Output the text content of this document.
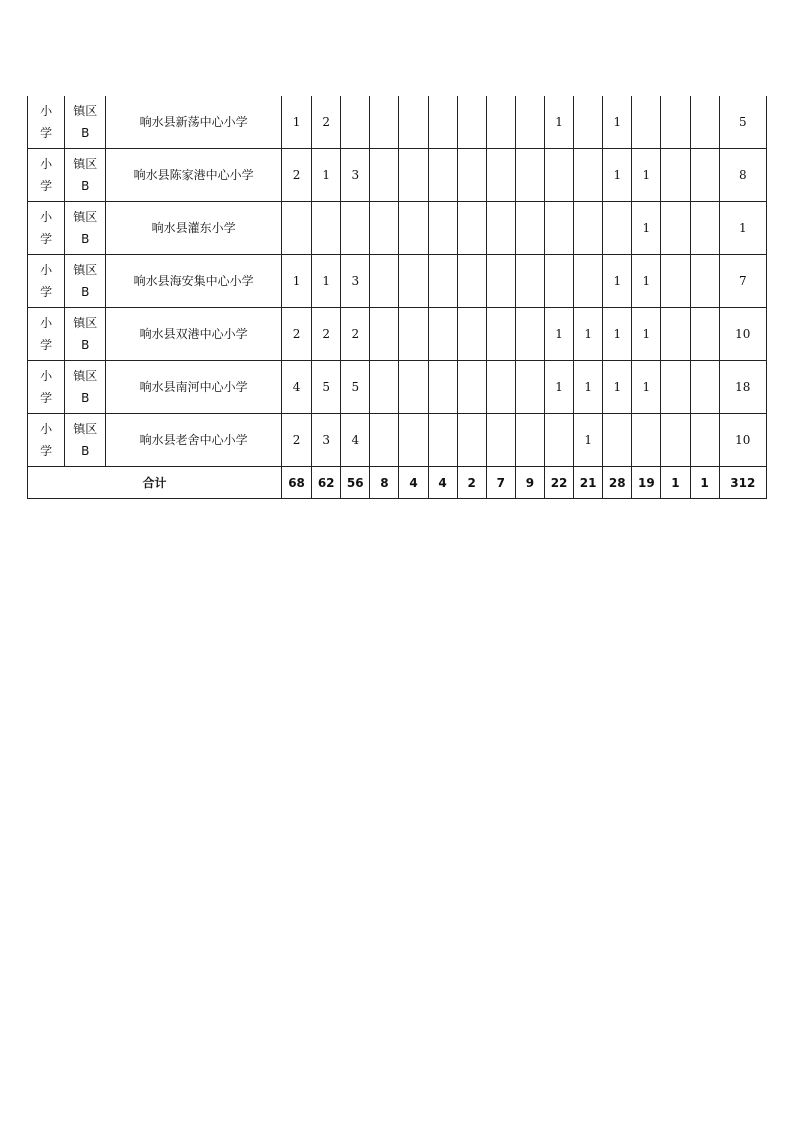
小
学	镇区
B	响水县新荡中心小学	1	2								1		1				5

小
学	镇区
B	响水县陈家港中心小学	2	1	3									1	1			8

小
学	镇区
B	响水县灌东小学													1			1

小
学	镇区
B	响水县海安集中心小学	1	1	3									1	1			7

小
学	镇区
B	响水县双港中心小学	2	2	2							1	1	1	1			10

小
学	镇区
B	响水县南河中心小学	4	5	5							1	1	1	1			18

小
学	镇区
B	响水县老舍中心小学	2	3	4								1					10
合计			68	62	56	8	4	4	2	7	9	22	21	28	19	1	1	312
